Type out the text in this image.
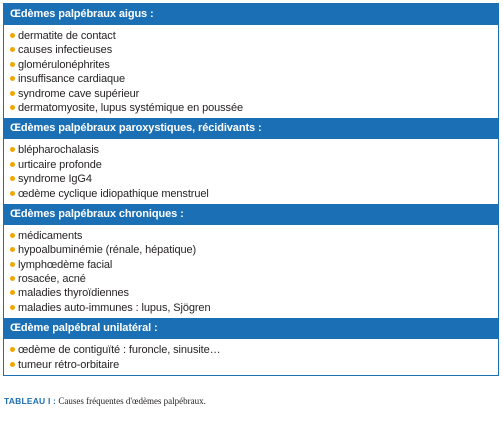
Œdèmes palpébraux aigus :
dermatite de contact
causes infectieuses
glomérulonéphrites
insuffisance cardiaque
syndrome cave supérieur
dermatomyosite, lupus systémique en poussée
Œdèmes palpébraux paroxystiques, récidivants :
blépharochalasis
urticaire profonde
syndrome IgG4
œdème cyclique idiopathique menstruel
Œdèmes palpébraux chroniques :
médicaments
hypoalbuminémie (rénale, hépatique)
lymphœdème facial
rosacée, acné
maladies thyroïdiennes
maladies auto-immunes : lupus, Sjögren
Œdème palpébral unilatéral :
œdème de contiguïté : furoncle, sinusite…
tumeur rétro-orbitaire
TABLEAU I : Causes fréquentes d'œdèmes palpébraux.
